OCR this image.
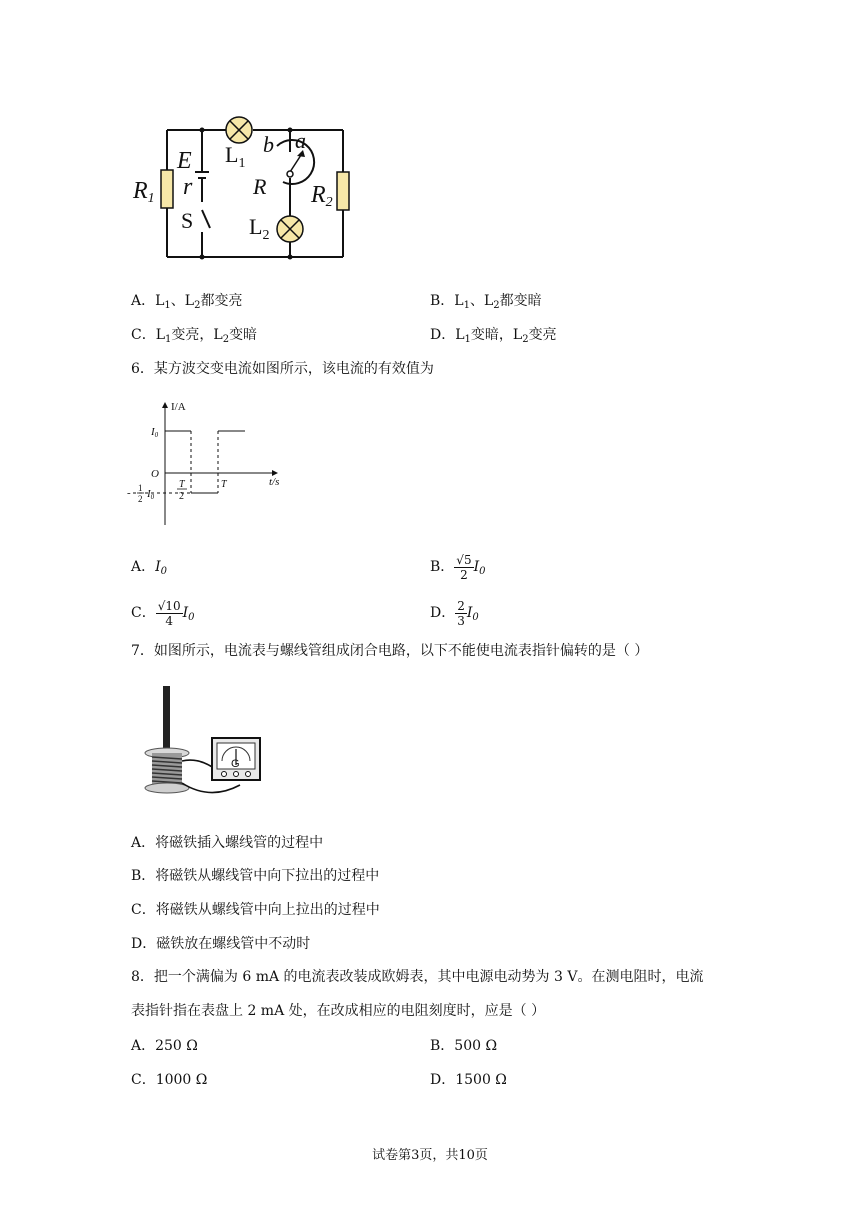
R1
E
r
S
$L_1$
b a
R R2
$L_2$
A．$L_1$、$L_2$都变亮	B．$L_1$、$L_2$都变暗
C．$L_1$变亮，$L_2$变暗	D．$L_1$变暗，$L_2$变亮
6．某方波交变电流如图所示，该电流的有效值为
I/A
t/s
O
I0
- 1
2 I0
T
2
T
A．$I_0$	B． $\frac{√5}{2} I_0$
C． $\frac{√10}{4} I_0$	D． $\frac{2}{3} I_0$
7．如图所示，电流表与螺线管组成闭合电路，以下不能使电流表指针偏转的是（ ）
G
A．将磁铁插入螺线管的过程中
B．将磁铁从螺线管中向下拉出的过程中
C．将磁铁从螺线管中向上拉出的过程中
D．磁铁放在螺线管中不动时
8．把一个满偏为 6 mA 的电流表改装成欧姆表，其中电源电动势为 3 V。在测电阻时，电流
表指针指在表盘上 2 mA 处，在改成相应的电阻刻度时，应是（ ）
A．250 Ω	B．500 Ω
C．1000 Ω	D．1500 Ω
试卷第3页，共10页
